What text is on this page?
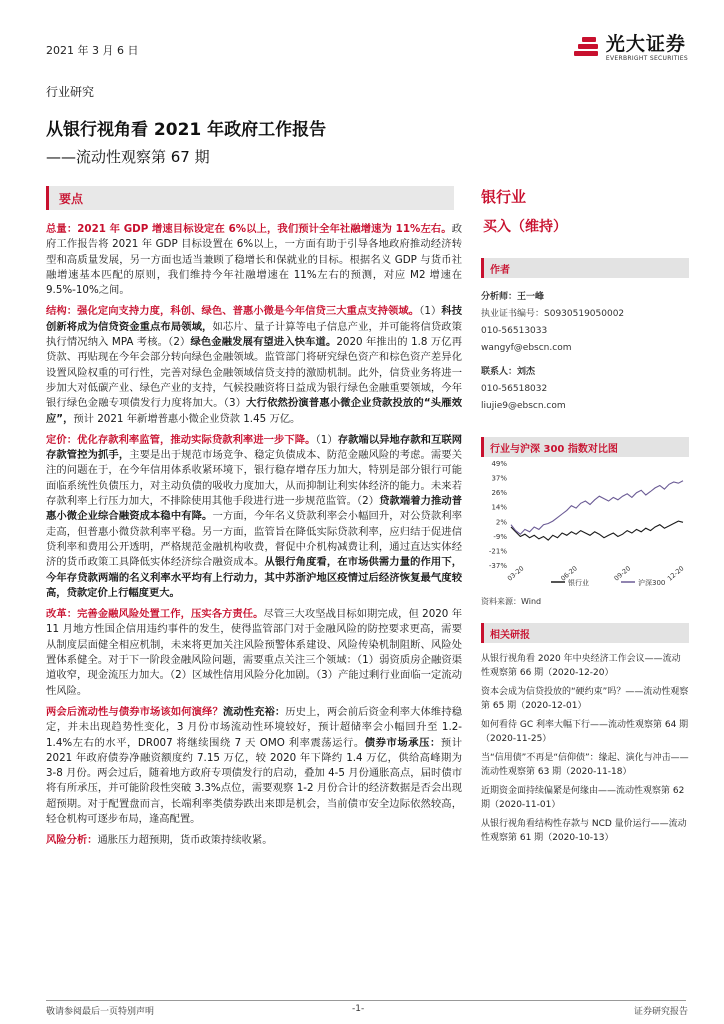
2021 年 3 月 6 日	光大证券
EVERBRIGHT SECURITIES
行业研究
从银行视角看 2021 年政府工作报告
——流动性观察第 67 期
要点

总量：2021 年 GDP 增速目标设定在 6%以上，我们预计全年社融增速为 11%左右。政府工作报告将 2021 年 GDP 目标设置在 6%以上，一方面有助于引导各地政府推动经济转型和高质量发展，另一方面也适当兼顾了稳增长和保就业的目标。根据名义 GDP 与货币社融增速基本匹配的原则，我们维持今年社融增速在 11%左右的预测，对应 M2 增速在 9.5%-10%之间。

结构：强化定向支持力度，科创、绿色、普惠小微是今年信贷三大重点支持领域。（1）科技创新将成为信贷资金重点布局领域，如芯片、量子计算等电子信息产业，并可能将信贷政策执行情况纳入 MPA 考核。（2）绿色金融发展有望进入快车道。2020 年推出的 1.8 万亿再贷款、再贴现在今年会部分转向绿色金融领域。监管部门将研究绿色资产和棕色资产差异化设置风险权重的可行性，完善对绿色金融领域信贷支持的激励机制。此外，信贷业务将进一步加大对低碳产业、绿色产业的支持，气候投融资将日益成为银行绿色金融重要领域，今年银行绿色金融专项债发行力度将加大。（3）大行依然扮演普惠小微企业贷款投放的“头雁效应”，预计 2021 年新增普惠小微企业贷款 1.45 万亿。

定价：优化存款利率监管，推动实际贷款利率进一步下降。（1）存款端以异地存款和互联网存款管控为抓手，主要是出于规范市场竞争、稳定负债成本、防范金融风险的考虑。需要关注的问题在于，在今年信用体系收紧环境下，银行稳存增存压力加大，特别是部分银行可能面临系统性负债压力，对主动负债的吸收力度加大，从而抑制让利实体经济的能力。未来若存款利率上行压力加大，不排除使用其他手段进行进一步规范监管。（2）贷款端着力推动普惠小微企业综合融资成本稳中有降。一方面，今年名义贷款利率会小幅回升，对公贷款利率走高，但普惠小微贷款利率平稳。另一方面，监管旨在降低实际贷款利率，应归结于促进信贷利率和费用公开透明，严格规范金融机构收费，督促中介机构减费让利，通过直达实体经济的货币政策工具降低实体经济综合融资成本。从银行角度看，在市场供需力量的作用下，今年存贷款两端的名义利率水平均有上行动力，其中苏浙沪地区疫情过后经济恢复最气度较高，贷款定价上行幅度更大。

改革：完善金融风险处置工作，压实各方责任。尽管三大攻坚战目标如期完成，但 2020 年 11 月地方性国企信用违约事件的发生，使得监管部门对于金融风险的防控要求更高，需要从制度层面健全相应机制，未来将更加关注风险预警体系建设、风险传染机制阻断、风险处置体系健全。对于下一阶段金融风险问题，需要重点关注三个领域：（1）弱资质房企融资渠道收窄，现金流压力加大。（2）区域性信用风险分化加剧。（3）产能过剩行业面临一定流动性风险。

两会后流动性与债券市场该如何演绎？流动性充裕：历史上，两会前后资金利率大体维持稳定，并未出现趋势性变化，3 月份市场流动性环境较好，预计超储率会小幅回升至 1.2-1.4%左右的水平，DR007 将继续围绕 7 天 OMO 利率震荡运行。债券市场承压：预计 2021 年政府债券净融资额度约 7.15 万亿，较 2020 年下降约 1.4 万亿，供给高峰期为 3-8 月份。两会过后，随着地方政府专项债发行的启动，叠加 4-5 月份通胀高点，届时债市将有所承压，并可能阶段性突破 3.3%点位，需要观察 1-2 月份合计的经济数据是否会出现超预期。对于配置盘而言，长端利率类债券跌出来即是机会，当前债市安全边际依然较高，轻仓机构可逐步布局，逢高配置。

风险分析：通胀压力超预期，货币政策持续收紧。

银行业
买入（维持）
作者
分析师：王一峰
执业证书编号：S0930519050002
010-56513033
wangyf@ebscn.com
联系人：刘杰
010-56518032
liujie9@ebscn.com
行业与沪深 300 指数对比图
49%
37%
26%
14%
2%
-9%
-21%
-37%
03-20	06-20	09-20	12-20
银行业	沪深300
资料来源：Wind
相关研报
从银行视角看 2020 年中央经济工作会议——流动性观察第 66 期（2020-12-20）
资本会成为信贷投放的“硬约束”吗？——流动性观察第 65 期（2020-12-01）
如何看待 GC 利率大幅下行——流动性观察第 64 期（2020-11-25）
当“信用债”不再是“信仰债”：缘起、演化与冲击——流动性观察第 63 期（2020-11-18）
近期资金面持续偏紧是何缘由——流动性观察第 62 期（2020-11-01）
从银行视角看结构性存款与 NCD 量价运行——流动性观察第 61 期（2020-10-13）
敬请参阅最后一页特别声明	-1-	证券研究报告
